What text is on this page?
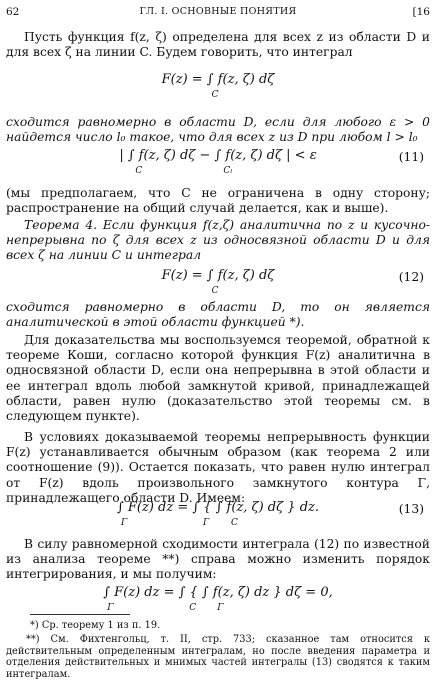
62	ГЛ. I. ОСНОВНЫЕ ПОНЯТИЯ	[16
Пусть функция f(z, ζ) определена для всех z из области D и для всех ζ на линии C. Будем говорить, что интеграл
F(z) = ∫ f(z, ζ) dζ
C
сходится равномерно в области D, если для любого ε > 0 найдется число l₀ такое, что для всех z из D при любом l > l₀
| ∫ f(z, ζ) dζ − ∫ f(z, ζ) dζ | < ε
C	Cₗ
(11)
(мы предполагаем, что C не ограничена в одну сторону; распространение на общий случай делается, как и выше).
Теорема 4. Если функция f(z,ζ) аналитична по z и кусочно-непрерывна по ζ для всех z из односвязной области D и для всех ζ на линии C и интеграл
F(z) = ∫ f(z, ζ) dζ
C
(12)
сходится равномерно в области D, то он является аналитической в этой области функцией *).
Для доказательства мы воспользуемся теоремой, обратной к теореме Коши, согласно которой функция F(z) аналитична в односвязной области D, если она непрерывна в этой области и ее интеграл вдоль любой замкнутой кривой, принадлежащей области, равен нулю (доказательство этой теоремы см. в следующем пункте).
В условиях доказываемой теоремы непрерывность функции F(z) устанавливается обычным образом (как теорема 2 или соотношение (9)). Остается показать, что равен нулю интеграл от F(z) вдоль произвольного замкнутого контура Γ, принадлежащего области D. Имеем:
∫ F(z) dz = ∫ { ∫ f(z, ζ) dζ } dz.
Γ	Γ C
(13)
В силу равномерной сходимости интеграла (12) по известной из анализа теореме **) справа можно изменить порядок интегрирования, и мы получим:
∫ F(z) dz = ∫ { ∫ f(z, ζ) dz } dζ = 0,
Γ	C Γ
*) Ср. теорему 1 из п. 19.
**) См. Фихтенгольц, т. II, стр. 733; сказанное там относится к действительным определенным интегралам, но после введения параметра и отделения действительных и мнимых частей интегралы (13) сводятся к таким интегралам.
